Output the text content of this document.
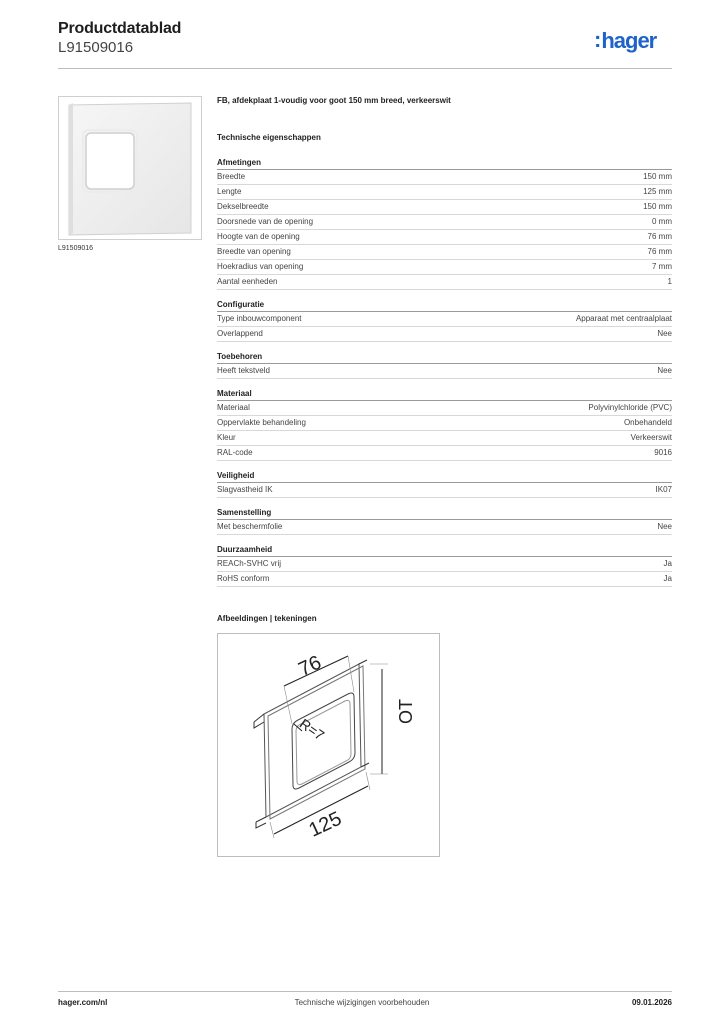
Productdatablad
L91509016	:hager
L91509016
FB, afdekplaat 1-voudig voor goot 150 mm breed, verkeerswit
Technische eigenschappen
Afmetingen
Breedte	150 mm
Lengte	125 mm
Dekselbreedte	150 mm
Doorsnede van de opening	0 mm
Hoogte van de opening	76 mm
Breedte van opening	76 mm
Hoekradius van opening	7 mm
Aantal eenheden	1
Configuratie
Type inbouwcomponent	Apparaat met centraalplaat
Overlappend	Nee
Toebehoren
Heeft tekstveld	Nee
Materiaal
Materiaal	Polyvinylchloride (PVC)
Oppervlakte behandeling	Onbehandeld
Kleur	Verkeerswit
RAL-code	9016
Veiligheid
Slagvastheid IK	IK07
Samenstelling
Met beschermfolie	Nee
Duurzaamheid
REACh-SVHC vrij	Ja
RoHS conform	Ja
Afbeeldingen | tekeningen
76
OT
R=7
125
hager.com/nl	Technische wijzigingen voorbehouden	09.01.2026
